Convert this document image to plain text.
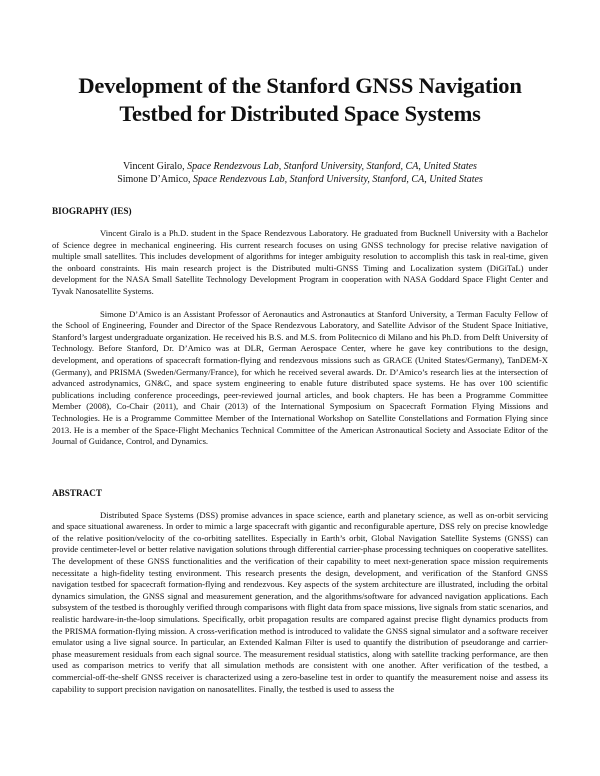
Development of the Stanford GNSS Navigation Testbed for Distributed Space Systems
Vincent Giralo, Space Rendezvous Lab, Stanford University, Stanford, CA, United States
Simone D’Amico, Space Rendezvous Lab, Stanford University, Stanford, CA, United States
BIOGRAPHY (IES)

Vincent Giralo is a Ph.D. student in the Space Rendezvous Laboratory. He graduated from Bucknell University with a Bachelor of Science degree in mechanical engineering. His current research focuses on using GNSS technology for precise relative navigation of multiple small satellites. This includes development of algorithms for integer ambiguity resolution to accomplish this task in real-time, given the onboard constraints. His main research project is the Distributed multi-GNSS Timing and Localization system (DiGiTaL) under development for the NASA Small Satellite Technology Development Program in cooperation with NASA Goddard Space Flight Center and Tyvak Nanosatellite Systems.

Simone D’Amico is an Assistant Professor of Aeronautics and Astronautics at Stanford University, a Terman Faculty Fellow of the School of Engineering, Founder and Director of the Space Rendezvous Laboratory, and Satellite Advisor of the Student Space Initiative, Stanford’s largest undergraduate organization. He received his B.S. and M.S. from Politecnico di Milano and his Ph.D. from Delft University of Technology. Before Stanford, Dr. D’Amico was at DLR, German Aerospace Center, where he gave key contributions to the design, development, and operations of spacecraft formation-flying and rendezvous missions such as GRACE (United States/Germany), TanDEM-X (Germany), and PRISMA (Sweden/Germany/France), for which he received several awards. Dr. D’Amico’s research lies at the intersection of advanced astrodynamics, GN&C, and space system engineering to enable future distributed space systems. He has over 100 scientific publications including conference proceedings, peer-reviewed journal articles, and book chapters. He has been a Programme Committee Member (2008), Co-Chair (2011), and Chair (2013) of the International Symposium on Spacecraft Formation Flying Missions and Technologies. He is a Programme Committee Member of the International Workshop on Satellite Constellations and Formation Flying since 2013. He is a member of the Space-Flight Mechanics Technical Committee of the American Astronautical Society and Associate Editor of the Journal of Guidance, Control, and Dynamics.

ABSTRACT

Distributed Space Systems (DSS) promise advances in space science, earth and planetary science, as well as on-orbit servicing and space situational awareness. In order to mimic a large spacecraft with gigantic and reconfigurable aperture, DSS rely on precise knowledge of the relative position/velocity of the co-orbiting satellites. Especially in Earth’s orbit, Global Navigation Satellite Systems (GNSS) can provide centimeter-level or better relative navigation solutions through differential carrier-phase processing techniques on cooperative satellites. The development of these GNSS functionalities and the verification of their capability to meet next-generation space mission requirements necessitate a high-fidelity testing environment. This research presents the design, development, and verification of the Stanford GNSS navigation testbed for spacecraft formation-flying and rendezvous. Key aspects of the system architecture are illustrated, including the orbital dynamics simulation, the GNSS signal and measurement generation, and the algorithms/software for advanced navigation applications. Each subsystem of the testbed is thoroughly verified through comparisons with flight data from space missions, live signals from static scenarios, and realistic hardware-in-the-loop simulations. Specifically, orbit propagation results are compared against precise flight dynamics products from the PRISMA formation-flying mission. A cross-verification method is introduced to validate the GNSS signal simulator and a software receiver emulator using a live signal source. In particular, an Extended Kalman Filter is used to quantify the distribution of pseudorange and carrier-phase measurement residuals from each signal source. The measurement residual statistics, along with satellite tracking performance, are then used as comparison metrics to verify that all simulation methods are consistent with one another. After verification of the testbed, a commercial-off-the-shelf GNSS receiver is characterized using a zero-baseline test in order to quantify the measurement noise and assess its capability to support precision navigation on nanosatellites. Finally, the testbed is used to assess the
